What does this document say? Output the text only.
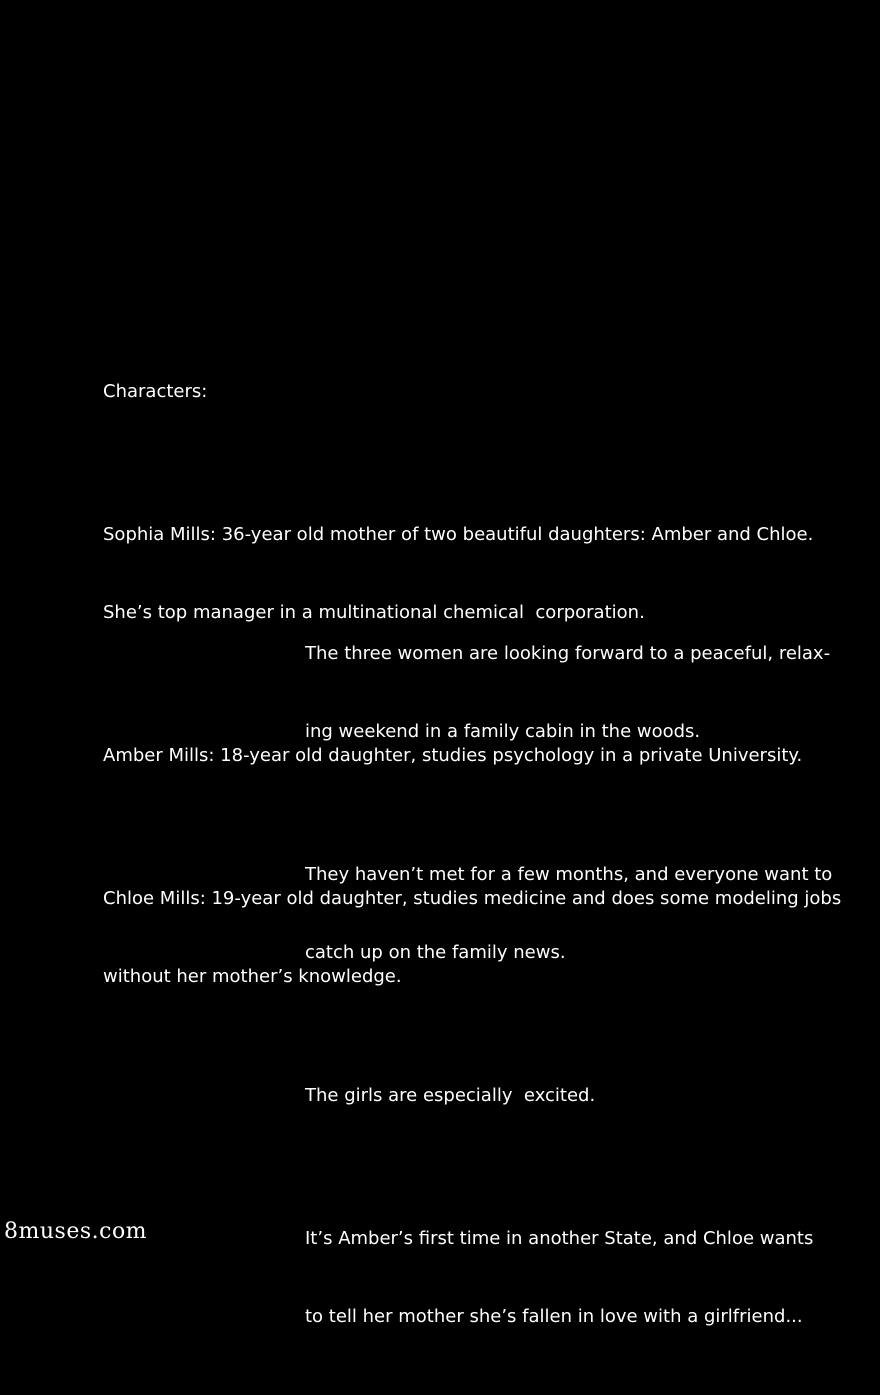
Characters:

Sophia Mills: 36-year old mother of two beautiful daughters: Amber and Chloe.

She’s top manager in a multinational chemical  corporation.

Amber Mills: 18-year old daughter, studies psychology in a private University.

Chloe Mills: 19-year old daughter, studies medicine and does some modeling jobs

without her mother’s knowledge.

The three women are looking forward to a peaceful, relax-

ing weekend in a family cabin in the woods.

They haven’t met for a few months, and everyone want to

catch up on the family news.

The girls are especially  excited.

It’s Amber’s first time in another State, and Chloe wants

to tell her mother she’s fallen in love with a girlfriend...

8muses.com
